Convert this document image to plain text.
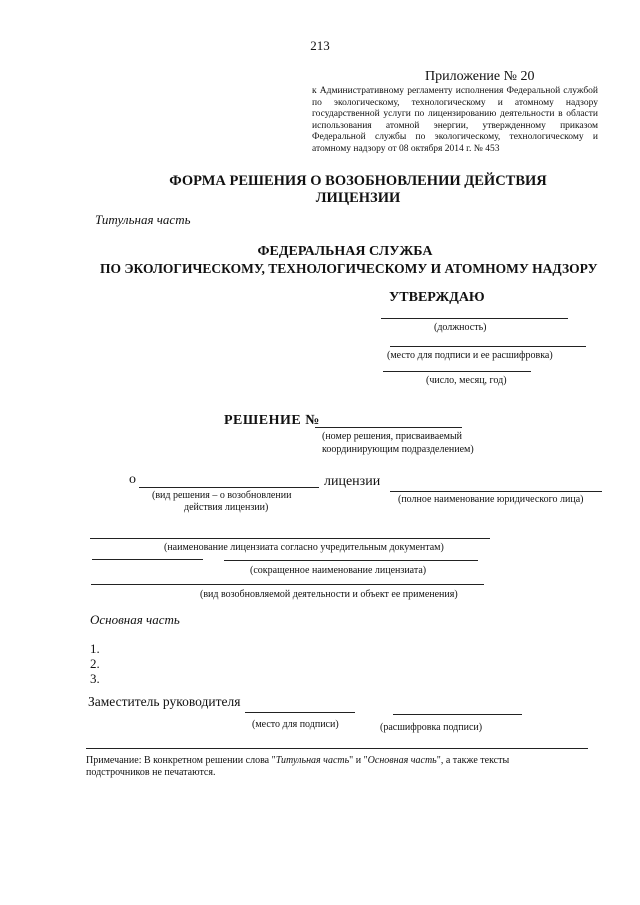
213
Приложение № 20
к Административному регламенту исполнения Федеральной службой по экологическому, технологическому и атомному надзору государственной услуги по лицензированию деятельности в области использования атомной энергии, утвержденному приказом Федеральной службы по экологическому, технологическому и атомному надзору от 08 октября 2014 г. № 453
ФОРМА РЕШЕНИЯ О ВОЗОБНОВЛЕНИИ ДЕЙСТВИЯ ЛИЦЕНЗИИ
Титульная часть
ФЕДЕРАЛЬНАЯ СЛУЖБА
ПО ЭКОЛОГИЧЕСКОМУ, ТЕХНОЛОГИЧЕСКОМУ И АТОМНОМУ НАДЗОРУ
УТВЕРЖДАЮ
(должность)
(место для подписи и ее расшифровка)
(число, месяц, год)
РЕШЕНИЕ №
(номер решения, присваиваемый
координирующим подразделением)
о	лицензии
(вид решения – о возобновлении
действия лицензии)
(полное наименование юридического лица)
(наименование лицензиата согласно учредительным документам)
(сокращенное наименование лицензиата)
(вид возобновляемой деятельности и объект ее применения)
Основная часть
1.
2.
3.
Заместитель руководителя
(место для подписи)	(расшифровка подписи)
Примечание: В конкретном решении слова "Титульная часть" и "Основная часть", а также тексты подстрочников не печатаются.
